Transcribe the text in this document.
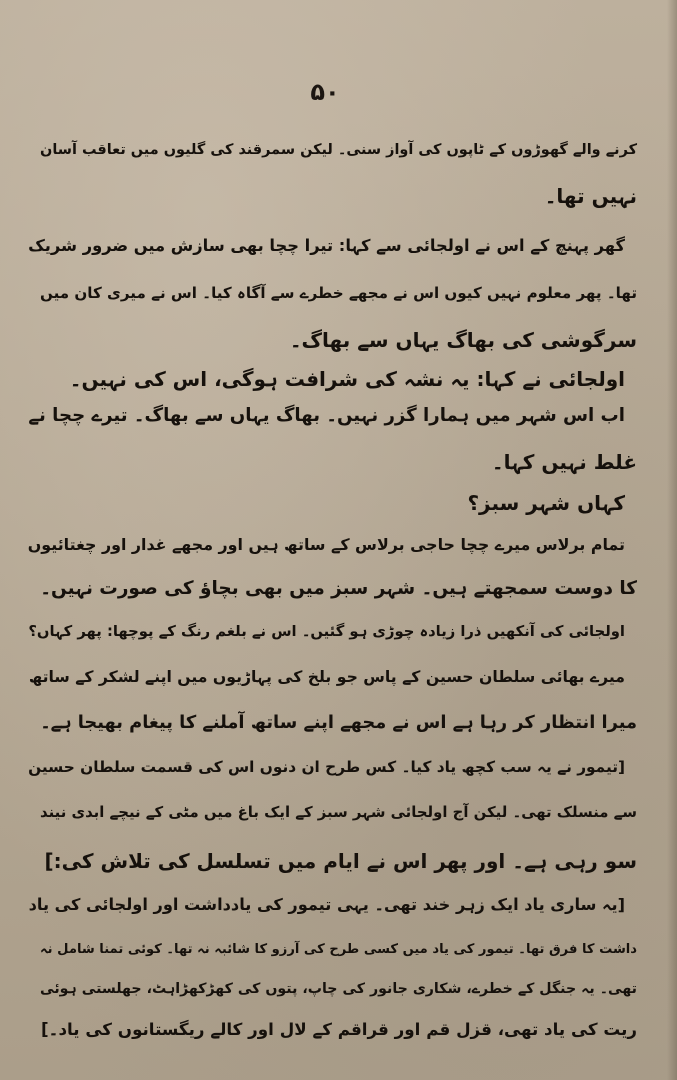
۵۰
کرنے والے گھوڑوں کے ٹاپوں کی آواز سنی۔ لیکن سمرقند کی گلیوں میں تعاقب آسان
نہیں تھا۔
گھر پہنچ کے اس نے اولجائی سے کہا: تیرا چچا بھی سازش میں ضرور شریک
تھا۔ پھر معلوم نہیں کیوں اس نے مجھے خطرے سے آگاہ کیا۔ اس نے میری کان میں
سرگوشی کی بھاگ یہاں سے بھاگ۔
اولجائی نے کہا: یہ نشہ کی شرافت ہوگی، اس کی نہیں۔
اب اس شہر میں ہمارا گزر نہیں۔ بھاگ یہاں سے بھاگ۔ تیرے چچا نے
غلط نہیں کہا۔
کہاں شہر سبز؟
تمام برلاس میرے چچا حاجی برلاس کے ساتھ ہیں اور مجھے غدار اور چغتائیوں
کا دوست سمجھتے ہیں۔ شہر سبز میں بھی بچاؤ کی صورت نہیں۔
اولجائی کی آنکھیں ذرا زیادہ چوڑی ہو گئیں۔ اس نے بلغم رنگ کے پوچھا: پھر کہاں؟
میرے بھائی سلطان حسین کے پاس جو بلخ کی پہاڑیوں میں اپنے لشکر کے ساتھ
میرا انتظار کر رہا ہے اس نے مجھے اپنے ساتھ آملنے کا پیغام بھیجا ہے۔
[تیمور نے یہ سب کچھ یاد کیا۔ کس طرح ان دنوں اس کی قسمت سلطان حسین
سے منسلک تھی۔ لیکن آج اولجائی شہر سبز کے ایک باغ میں مٹی کے نیچے ابدی نیند
سو رہی ہے۔ اور پھر اس نے ایام میں تسلسل کی تلاش کی:]
[یہ ساری یاد ایک زہر خند تھی۔ یہی تیمور کی یادداشت اور اولجائی کی یاد
داشت کا فرق تھا۔ تیمور کی یاد میں کسی طرح کی آرزو کا شائبہ نہ تھا۔ کوئی تمنا شامل نہ
تھی۔ یہ جنگل کے خطرے، شکاری جانور کی چاپ، پتوں کی کھڑکھڑاہٹ، جھلستی ہوئی
ریت کی یاد تھی، قزل قم اور قراقم کے لال اور کالے ریگستانوں کی یاد۔]
